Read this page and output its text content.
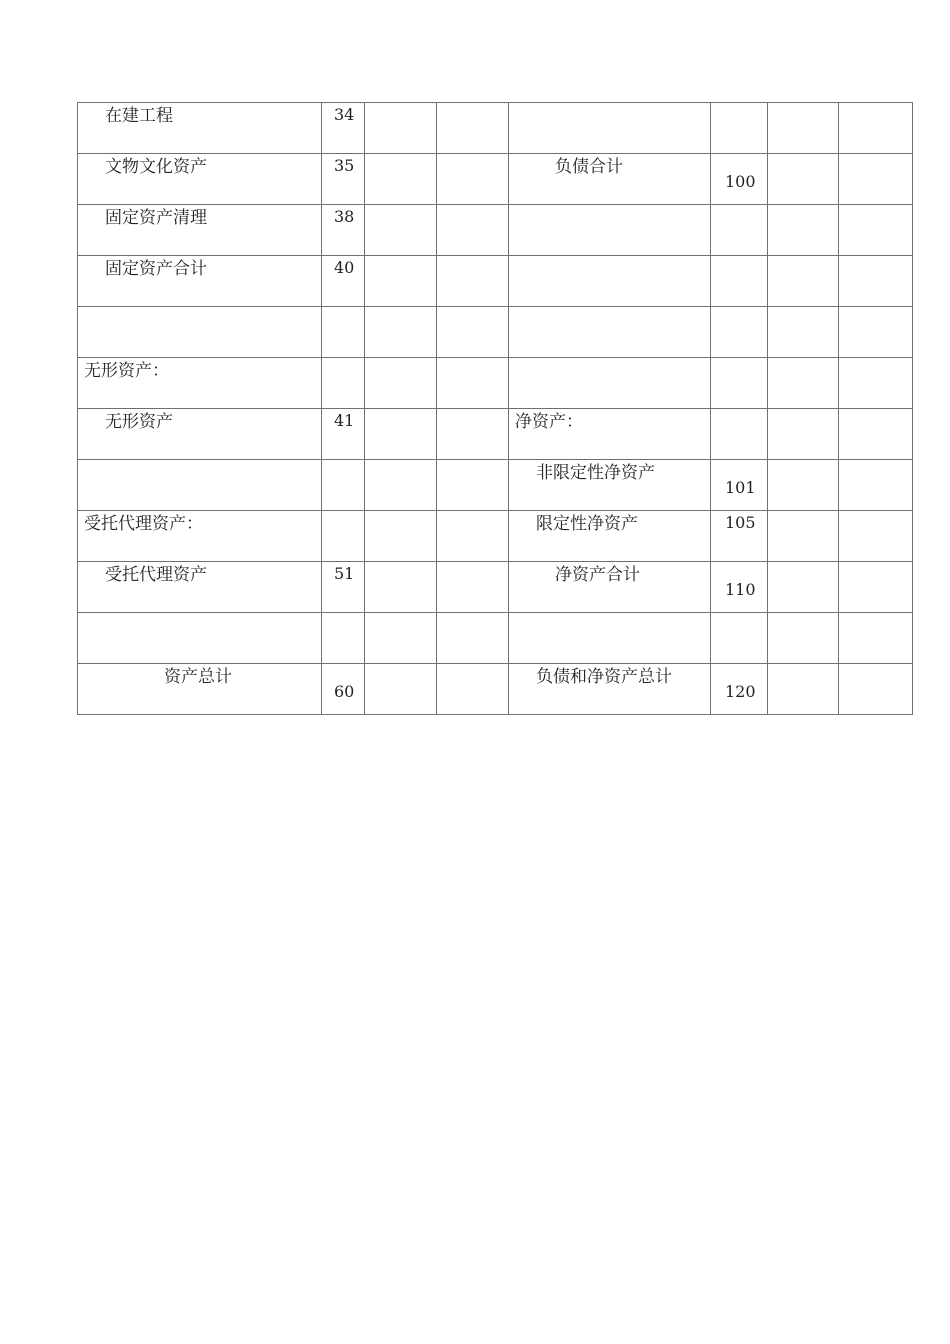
在建工程	34						

文物文化资产	35			负债合计	100		

固定资产清理	38						

固定资产合计	40						

无形资产：							

无形资产	41			净资产：			

				非限定性净资产	101		

受托代理资产：				限定性净资产	105		

受托代理资产	51			净资产合计	110		

资产总计	60			负债和净资产总计	120		
